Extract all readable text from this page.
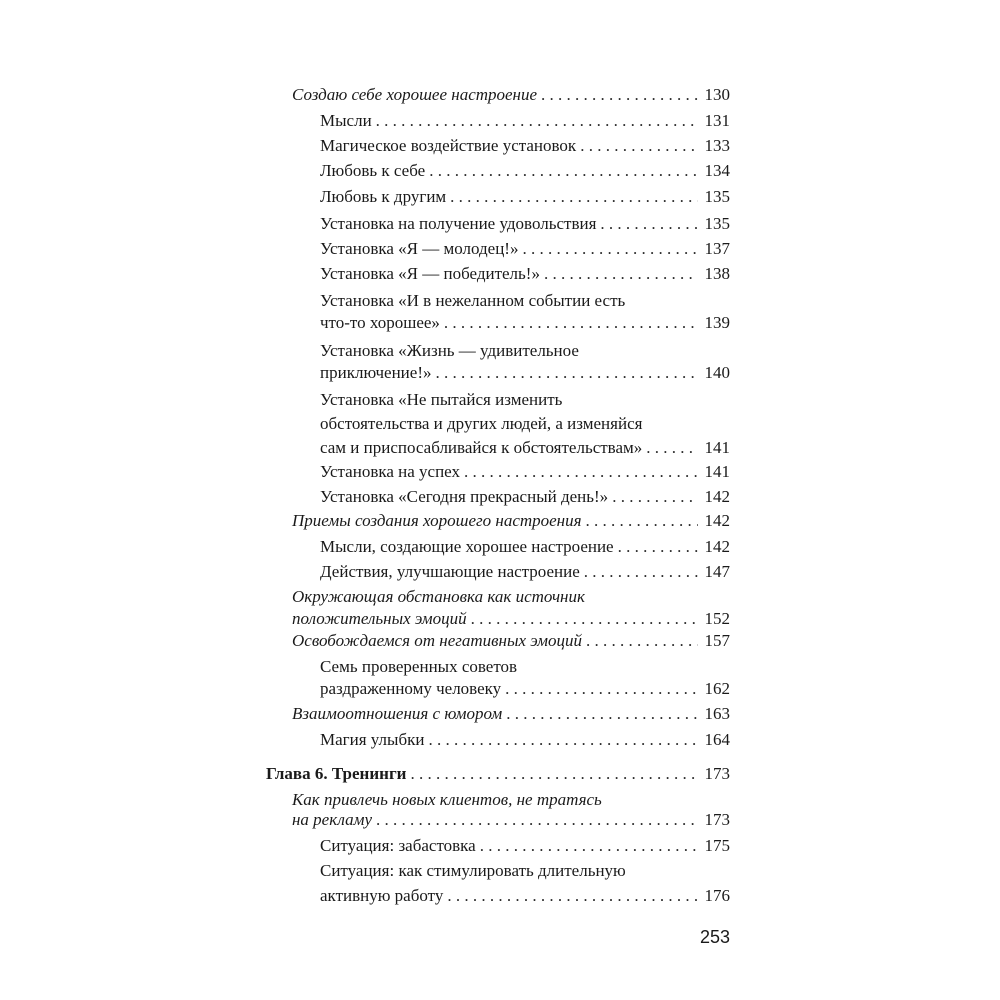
Создаю себе хорошее настроение . . .	130
Мысли . . .	131
Магическое воздействие установок . . .	133
Любовь к себе . . .	134
Любовь к другим . . .	135
Установка на получение удовольствия . . .	135
Установка «Я — молодец!» . . .	137
Установка «Я — победитель!» . . .	138
Установка «И в нежеланном событии есть
что-то хорошее» . . .	139
Установка «Жизнь — удивительное
приключение!» . . .	140
Установка «Не пытайся изменить
обстоятельства и других людей, а изменяйся
сам и приспосабливайся к обстоятельствам» . . .	141
Установка на успех . . .	141
Установка «Сегодня прекрасный день!» . . .	142
Приемы создания хорошего настроения . . .	142
Мысли, создающие хорошее настроение . . .	142
Действия, улучшающие настроение . . .	147
Окружающая обстановка как источник
положительных эмоций . . .	152
Освобождаемся от негативных эмоций . . .	157
Семь проверенных советов
раздраженному человеку . . .	162
Взаимоотношения с юмором . . .	163
Магия улыбки . . .	164
Глава 6. Тренинги . . .	173
Как привлечь новых клиентов, не тратясь
на рекламу . . .	173
Ситуация: забастовка . . .	175
Ситуация: как стимулировать длительную
активную работу . . .	176
253
